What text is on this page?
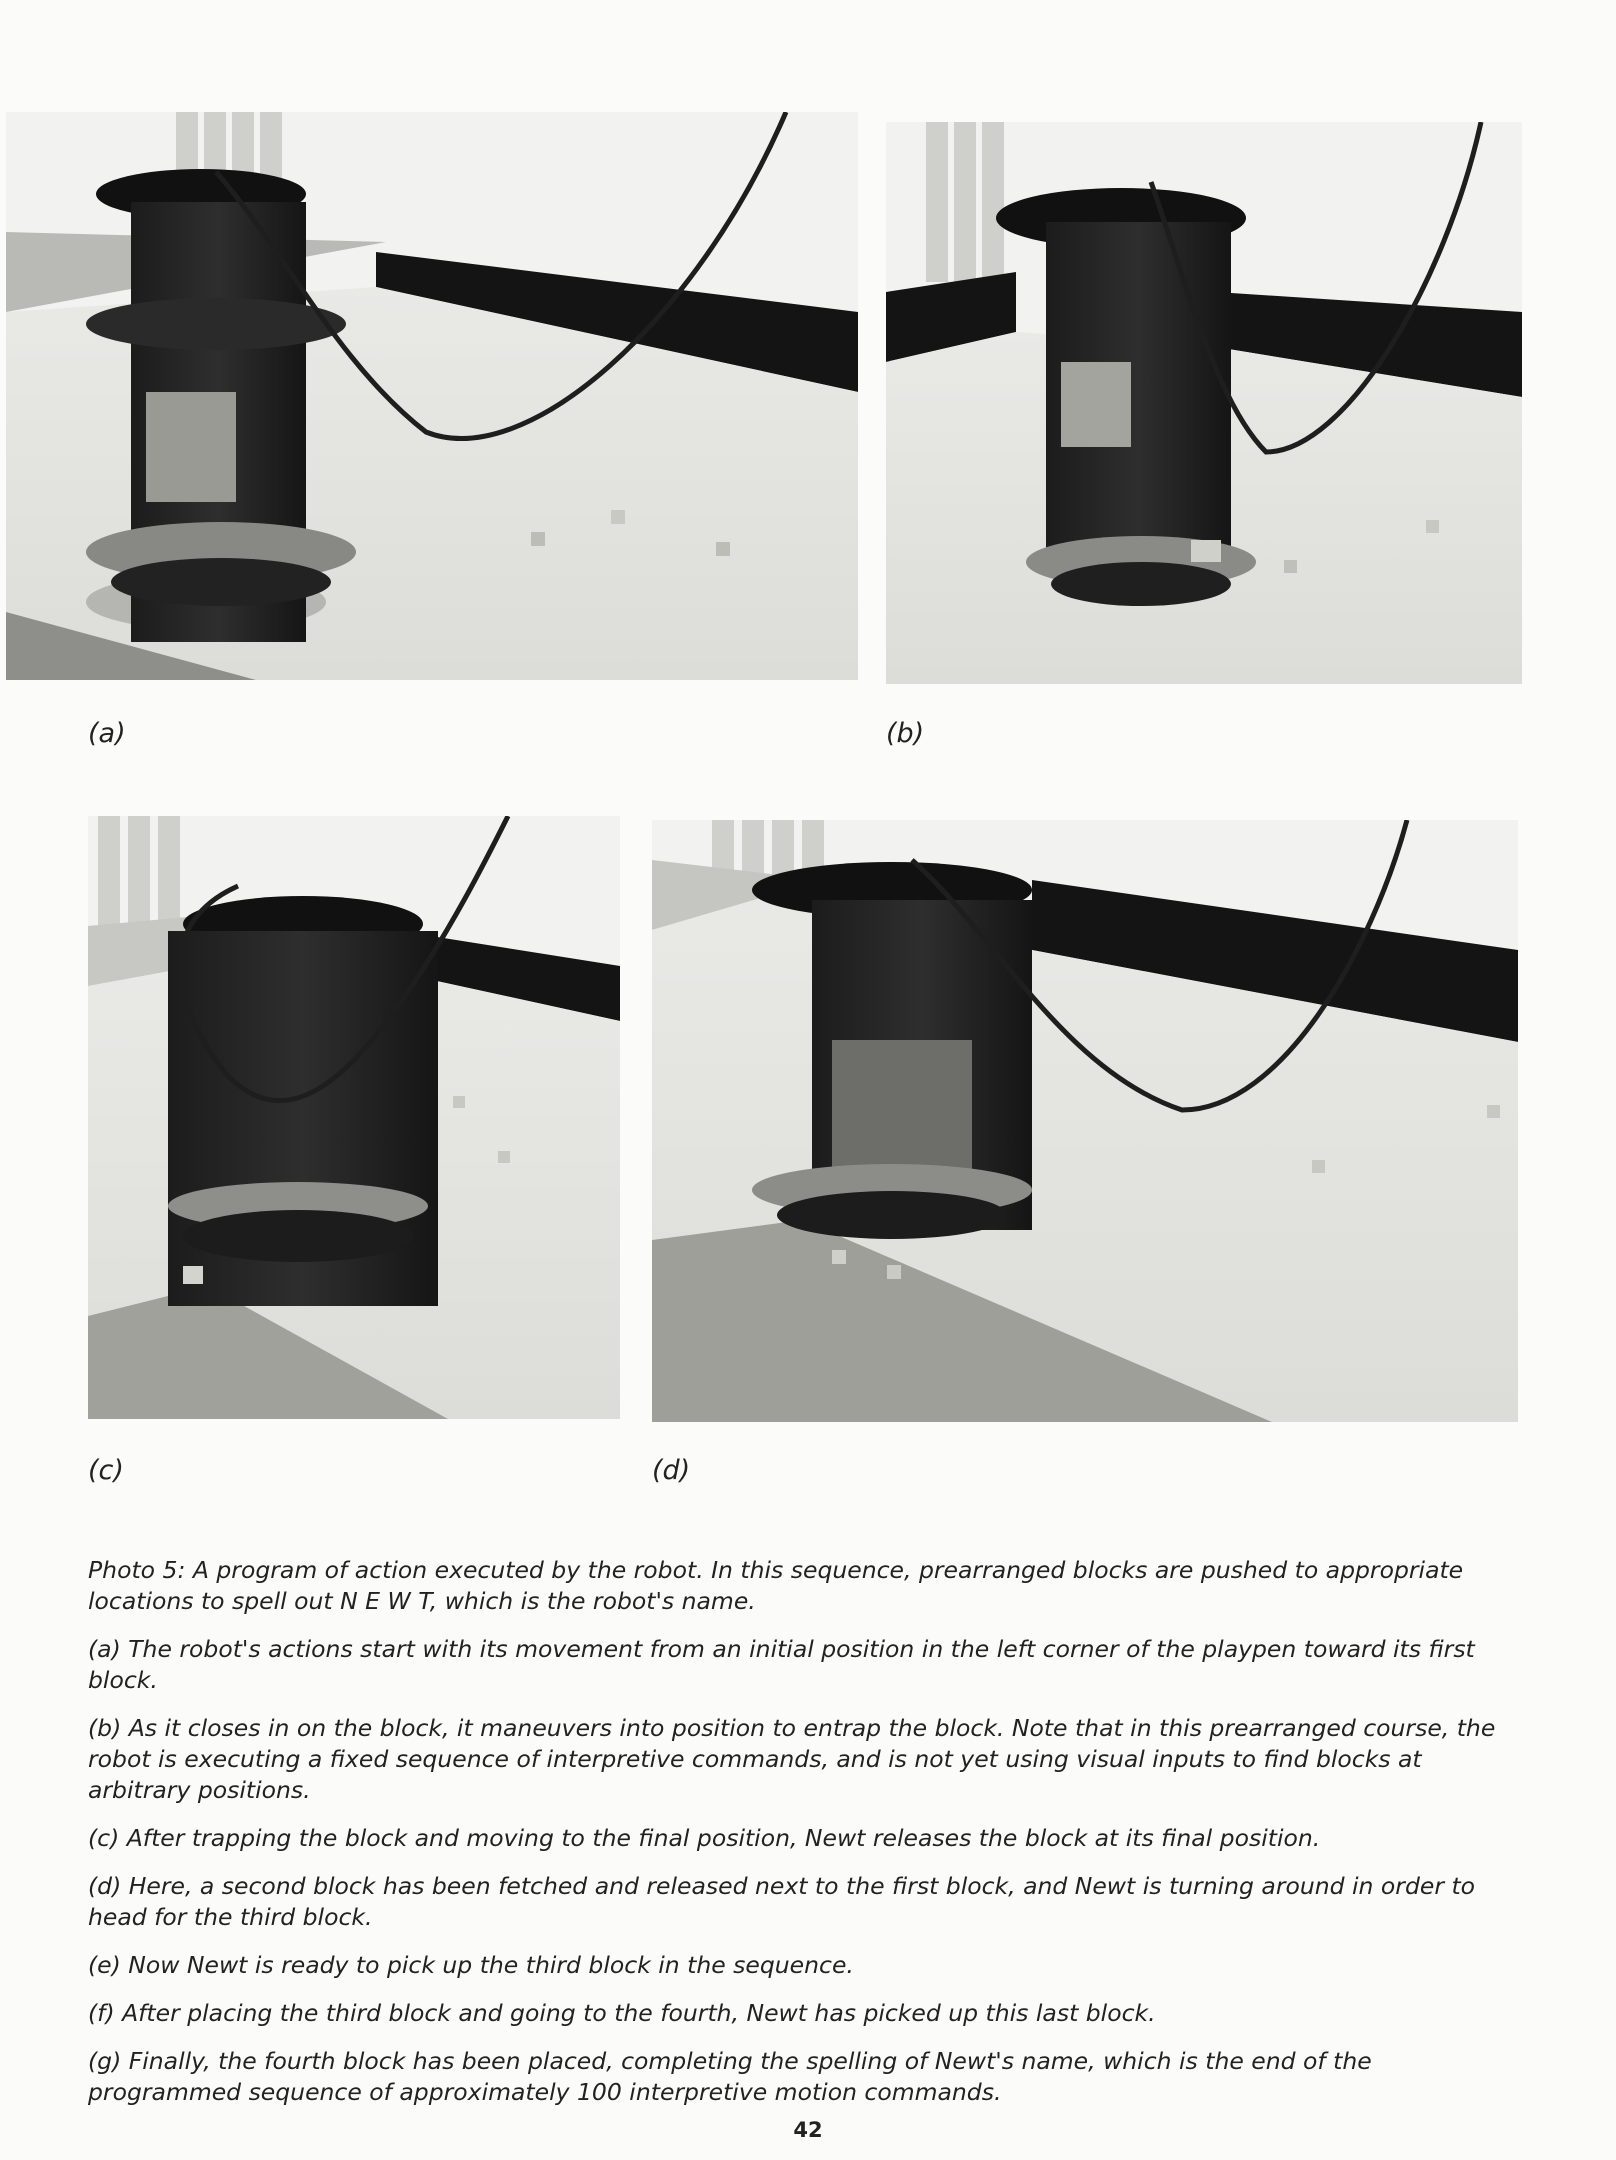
(a)	(b)
(c)	(d)

Photo 5: A program of action executed by the robot. In this sequence, prearranged blocks are pushed to appropriate locations to spell out N E W T, which is the robot's name.

(a) The robot's actions start with its movement from an initial position in the left corner of the playpen toward its first block.

(b) As it closes in on the block, it maneuvers into position to entrap the block. Note that in this prearranged course, the robot is executing a fixed sequence of interpretive commands, and is not yet using visual inputs to find blocks at arbitrary positions.

(c) After trapping the block and moving to the final position, Newt releases the block at its final position.

(d) Here, a second block has been fetched and released next to the first block, and Newt is turning around in order to head for the third block.

(e) Now Newt is ready to pick up the third block in the sequence.

(f) After placing the third block and going to the fourth, Newt has picked up this last block.

(g) Finally, the fourth block has been placed, completing the spelling of Newt's name, which is the end of the programmed sequence of approximately 100 interpretive motion commands.

42
